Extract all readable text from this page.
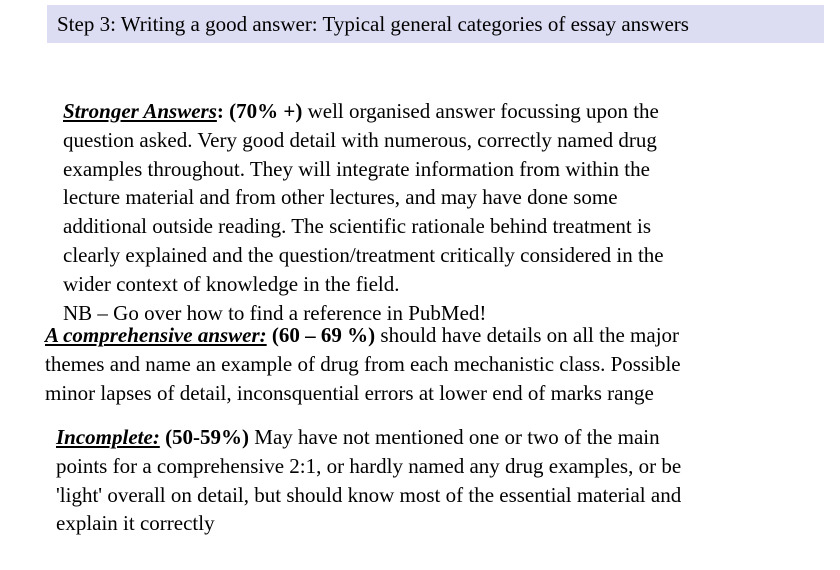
Step 3: Writing a good answer: Typical general categories of essay answers
Stronger Answers: (70% +) well organised answer focussing upon the
question asked. Very good detail with numerous, correctly named drug
examples throughout. They will integrate information from within the
lecture material and from other lectures, and may have done some
additional outside reading. The scientific rationale behind treatment is
clearly explained and the question/treatment critically considered in the
wider context of knowledge in the field.
NB – Go over how to find a reference in PubMed!
A comprehensive answer: (60 – 69 %) should have details on all the major
themes and name an example of drug from each mechanistic class. Possible
minor lapses of detail, inconsquential errors at lower end of marks range
Incomplete: (50-59%) May have not mentioned one or two of the main
points for a comprehensive 2:1, or hardly named any drug examples, or be
'light' overall on detail, but should know most of the essential material and
explain it correctly
